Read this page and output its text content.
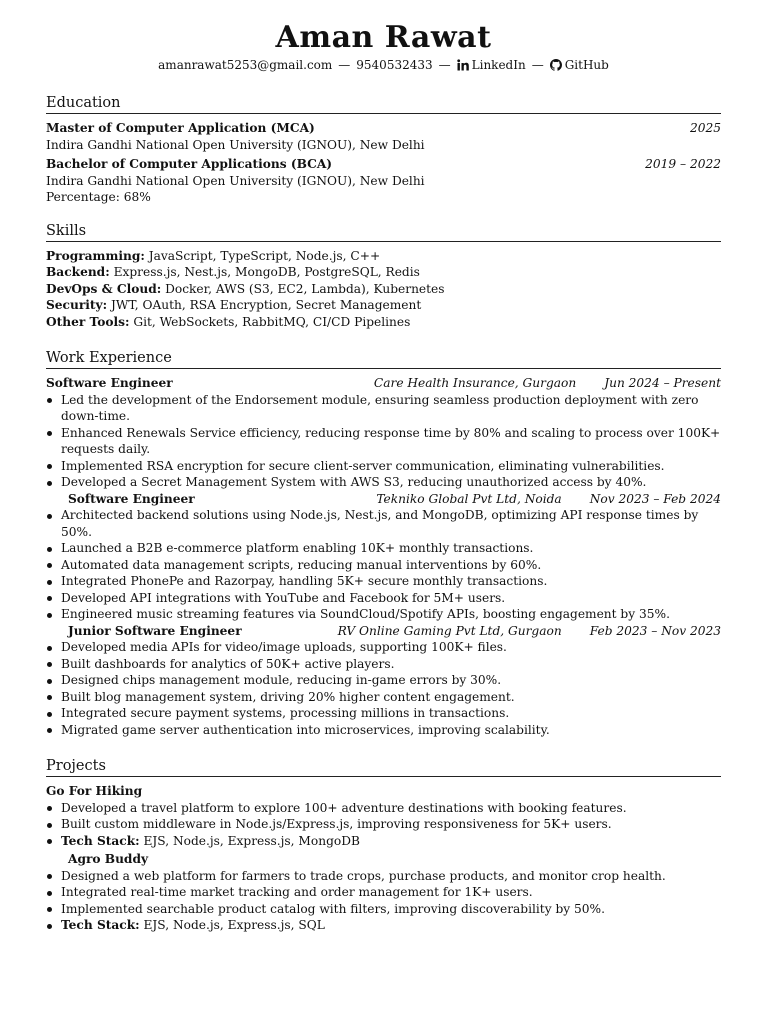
Aman Rawat
amanrawat5253@gmail.com — 9540532433 — LinkedIn — GitHub
Education
Master of Computer Application (MCA)	2025
Indira Gandhi National Open University (IGNOU), New Delhi
Bachelor of Computer Applications (BCA)	2019 – 2022
Indira Gandhi National Open University (IGNOU), New Delhi
Percentage: 68%
Skills
Programming: JavaScript, TypeScript, Node.js, C++
Backend: Express.js, Nest.js, MongoDB, PostgreSQL, Redis
DevOps & Cloud: Docker, AWS (S3, EC2, Lambda), Kubernetes
Security: JWT, OAuth, RSA Encryption, Secret Management
Other Tools: Git, WebSockets, RabbitMQ, CI/CD Pipelines
Work Experience
Software Engineer	Care Health Insurance, Gurgaon Jun 2024 – Present
Led the development of the Endorsement module, ensuring seamless production deployment with zero down-time.
Enhanced Renewals Service efficiency, reducing response time by 80% and scaling to process over 100K+ requests daily.
Implemented RSA encryption for secure client-server communication, eliminating vulnerabilities.
Developed a Secret Management System with AWS S3, reducing unauthorized access by 40%.
Software Engineer	Tekniko Global Pvt Ltd, Noida Nov 2023 – Feb 2024
Architected backend solutions using Node.js, Nest.js, and MongoDB, optimizing API response times by 50%.
Launched a B2B e-commerce platform enabling 10K+ monthly transactions.
Automated data management scripts, reducing manual interventions by 60%.
Integrated PhonePe and Razorpay, handling 5K+ secure monthly transactions.
Developed API integrations with YouTube and Facebook for 5M+ users.
Engineered music streaming features via SoundCloud/Spotify APIs, boosting engagement by 35%.
Junior Software Engineer	RV Online Gaming Pvt Ltd, Gurgaon Feb 2023 – Nov 2023
Developed media APIs for video/image uploads, supporting 100K+ files.
Built dashboards for analytics of 50K+ active players.
Designed chips management module, reducing in-game errors by 30%.
Built blog management system, driving 20% higher content engagement.
Integrated secure payment systems, processing millions in transactions.
Migrated game server authentication into microservices, improving scalability.
Projects
Go For Hiking
Developed a travel platform to explore 100+ adventure destinations with booking features.
Built custom middleware in Node.js/Express.js, improving responsiveness for 5K+ users.
Tech Stack: EJS, Node.js, Express.js, MongoDB
Agro Buddy
Designed a web platform for farmers to trade crops, purchase products, and monitor crop health.
Integrated real-time market tracking and order management for 1K+ users.
Implemented searchable product catalog with filters, improving discoverability by 50%.
Tech Stack: EJS, Node.js, Express.js, SQL
